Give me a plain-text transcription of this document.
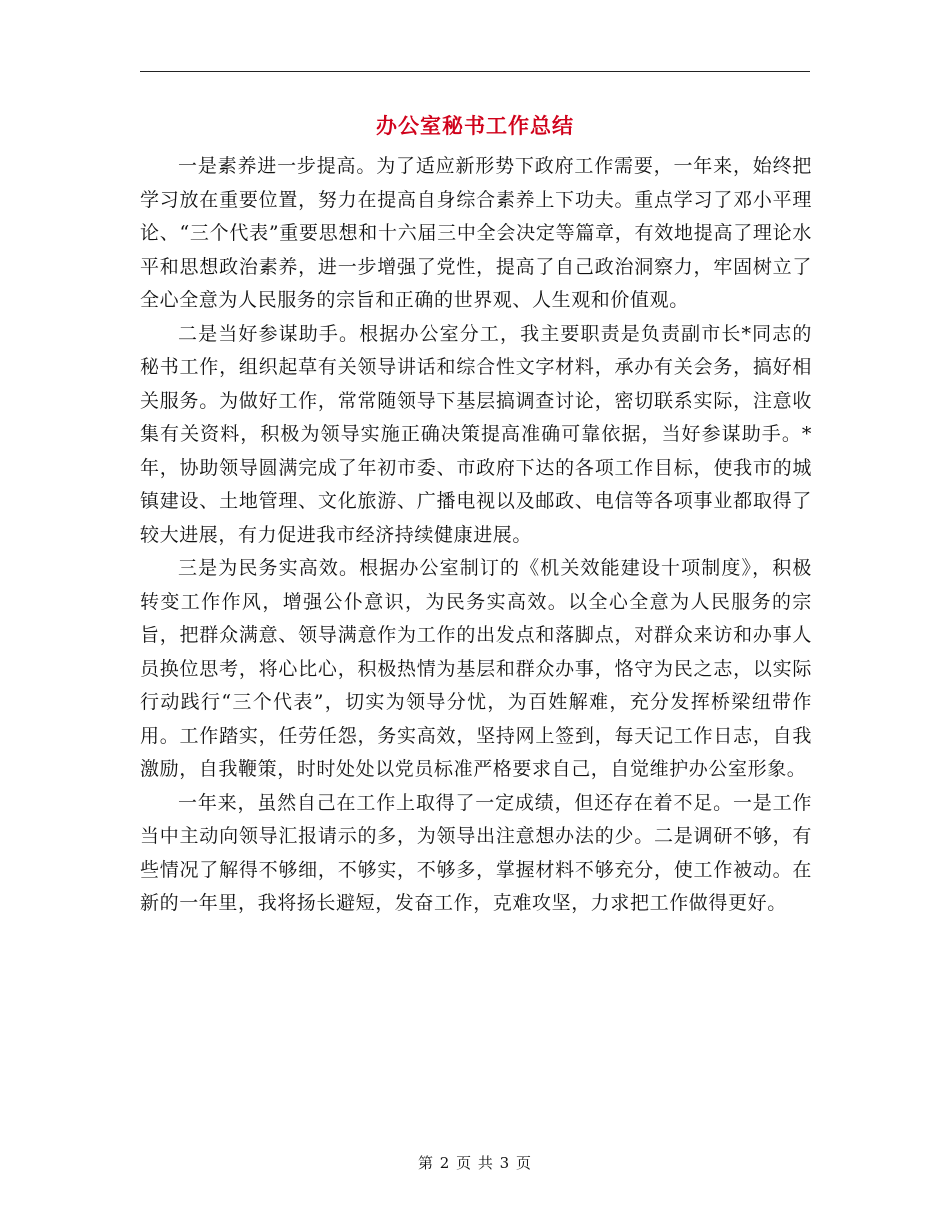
办公室秘书工作总结

一是素养进一步提高。为了适应新形势下政府工作需要，一年来，始终把学习放在重要位置，努力在提高自身综合素养上下功夫。重点学习了邓小平理论、“三个代表”重要思想和十六届三中全会决定等篇章，有效地提高了理论水平和思想政治素养，进一步增强了党性，提高了自己政治洞察力，牢固树立了全心全意为人民服务的宗旨和正确的世界观、人生观和价值观。

二是当好参谋助手。根据办公室分工，我主要职责是负责副市长*同志的秘书工作，组织起草有关领导讲话和综合性文字材料，承办有关会务，搞好相关服务。为做好工作，常常随领导下基层搞调查讨论，密切联系实际，注意收集有关资料，积极为领导实施正确决策提高准确可靠依据，当好参谋助手。*年，协助领导圆满完成了年初市委、市政府下达的各项工作目标，使我市的城镇建设、土地管理、文化旅游、广播电视以及邮政、电信等各项事业都取得了较大进展，有力促进我市经济持续健康进展。

三是为民务实高效。根据办公室制订的《机关效能建设十项制度》，积极转变工作作风，增强公仆意识，为民务实高效。以全心全意为人民服务的宗旨，把群众满意、领导满意作为工作的出发点和落脚点，对群众来访和办事人员换位思考，将心比心，积极热情为基层和群众办事，恪守为民之志，以实际行动践行“三个代表”，切实为领导分忧，为百姓解难，充分发挥桥梁纽带作用。工作踏实，任劳任怨，务实高效，坚持网上签到，每天记工作日志，自我激励，自我鞭策，时时处处以党员标准严格要求自己，自觉维护办公室形象。

一年来，虽然自己在工作上取得了一定成绩，但还存在着不足。一是工作当中主动向领导汇报请示的多，为领导出注意想办法的少。二是调研不够，有些情况了解得不够细，不够实，不够多，掌握材料不够充分，使工作被动。在新的一年里，我将扬长避短，发奋工作，克难攻坚，力求把工作做得更好。

第 2 页 共 3 页
